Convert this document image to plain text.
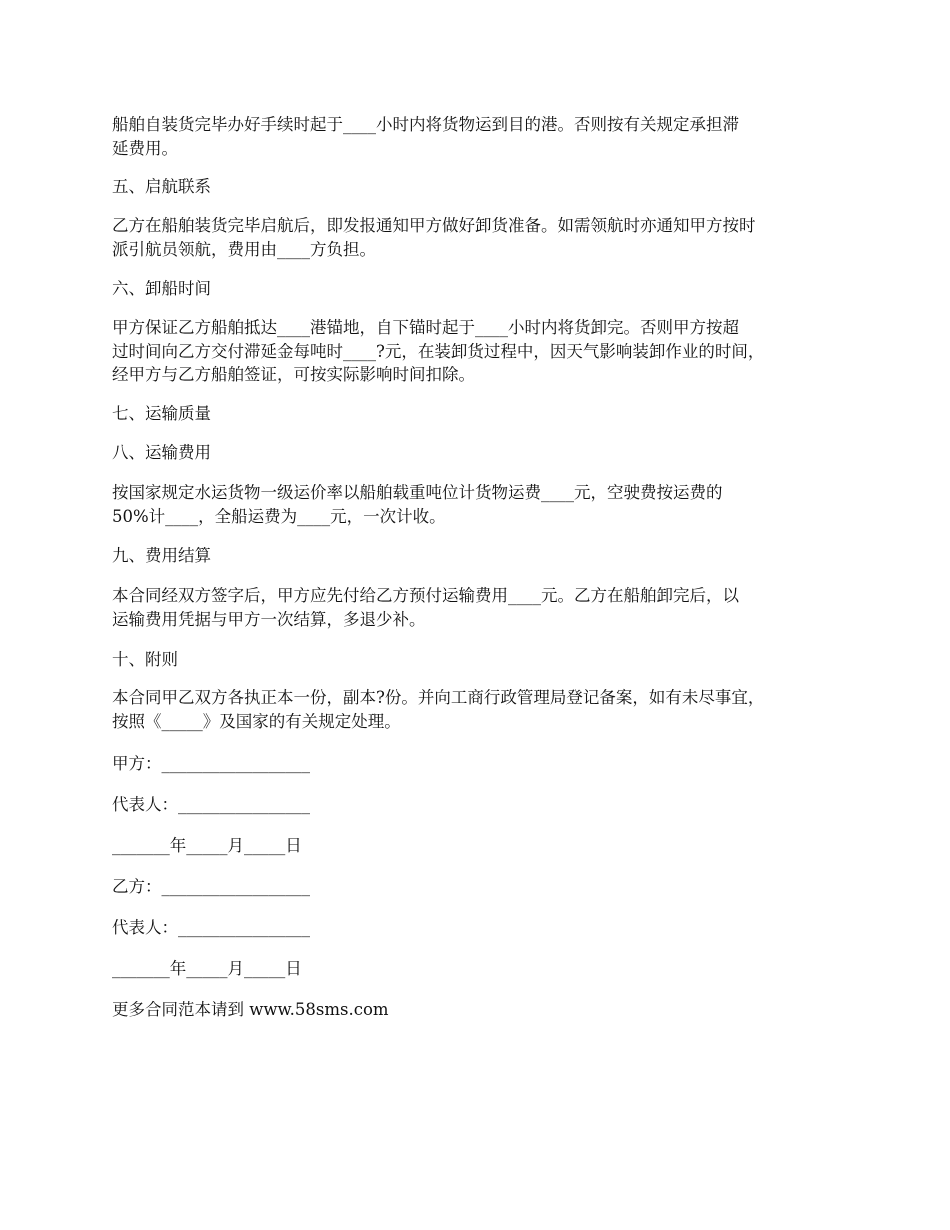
船舶自装货完毕办好手续时起于____小时内将货物运到目的港。否则按有关规定承担滞
延费用。

五、启航联系

乙方在船舶装货完毕启航后，即发报通知甲方做好卸货准备。如需领航时亦通知甲方按时
派引航员领航，费用由____方负担。

六、卸船时间

甲方保证乙方船舶抵达____港锚地，自下锚时起于____小时内将货卸完。否则甲方按超
过时间向乙方交付滞延金每吨时____?元，在装卸货过程中，因天气影响装卸作业的时间，
经甲方与乙方船舶签证，可按实际影响时间扣除。

七、运输质量

八、运输费用

按国家规定水运货物一级运价率以船舶载重吨位计货物运费____元，空驶费按运费的
50%计____，全船运费为____元，一次计收。

九、费用结算

本合同经双方签字后，甲方应先付给乙方预付运输费用____元。乙方在船舶卸完后，以
运输费用凭据与甲方一次结算，多退少补。

十、附则

本合同甲乙双方各执正本一份，副本?份。并向工商行政管理局登记备案，如有未尽事宜，
按照《_____》及国家的有关规定处理。

甲方：__________________

代表人：________________

_______年_____月_____日

乙方：__________________

代表人：________________

_______年_____月_____日

更多合同范本请到 www.58sms.com
